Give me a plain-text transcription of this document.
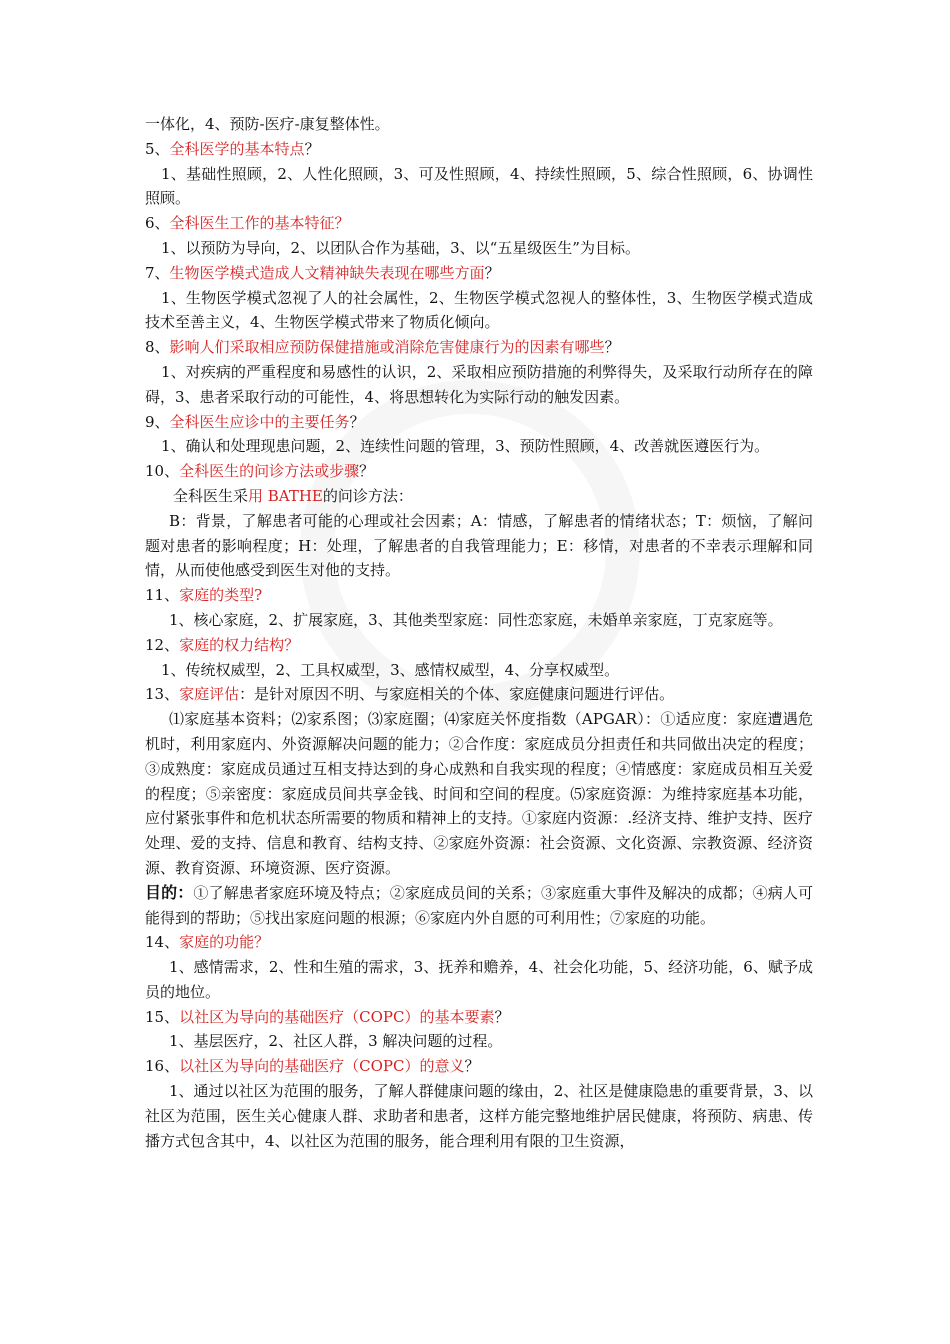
一体化，4、预防-医疗-康复整体性。

5、全科医学的基本特点？

1、基础性照顾，2、人性化照顾，3、可及性照顾，4、持续性照顾，5、综合性照顾，6、协调性照顾。

6、全科医生工作的基本特征？

1、以预防为导向，2、以团队合作为基础，3、以“五星级医生”为目标。

7、生物医学模式造成人文精神缺失表现在哪些方面？

1、生物医学模式忽视了人的社会属性，2、生物医学模式忽视人的整体性，3、生物医学模式造成技术至善主义，4、生物医学模式带来了物质化倾向。

8、影响人们采取相应预防保健措施或消除危害健康行为的因素有哪些？

1、对疾病的严重程度和易感性的认识，2、采取相应预防措施的利弊得失，及采取行动所存在的障碍，3、患者采取行动的可能性，4、将思想转化为实际行动的触发因素。

9、全科医生应诊中的主要任务？

1、确认和处理现患问题，2、连续性问题的管理，3、预防性照顾，4、改善就医遵医行为。

10、全科医生的问诊方法或步骤？

全科医生采用 BATHE的问诊方法：

B：背景，了解患者可能的心理或社会因素；A：情感，了解患者的情绪状态；T：烦恼，了解问题对患者的影响程度；H：处理，了解患者的自我管理能力；E：移情，对患者的不幸表示理解和同情，从而使他感受到医生对他的支持。

11、家庭的类型?

1、核心家庭，2、扩展家庭，3、其他类型家庭：同性恋家庭，未婚单亲家庭，丁克家庭等。

12、家庭的权力结构？

1、传统权威型，2、工具权威型，3、感情权威型，4、分享权威型。

13、家庭评估：是针对原因不明、与家庭相关的个体、家庭健康问题进行评估。

⑴家庭基本资料；⑵家系图；⑶家庭圈；⑷家庭关怀度指数（APGAR）：①适应度：家庭遭遇危机时，利用家庭内、外资源解决问题的能力；②合作度：家庭成员分担责任和共同做出决定的程度；③成熟度：家庭成员通过互相支持达到的身心成熟和自我实现的程度；④情感度：家庭成员相互关爱的程度；⑤亲密度：家庭成员间共享金钱、时间和空间的程度。⑸家庭资源：为维持家庭基本功能，应付紧张事件和危机状态所需要的物质和精神上的支持。①家庭内资源：.经济支持、维护支持、医疗处理、爱的支持、信息和教育、结构支持、②家庭外资源：社会资源、文化资源、宗教资源、经济资源、教育资源、环境资源、医疗资源。

目的：①了解患者家庭环境及特点；②家庭成员间的关系；③家庭重大事件及解决的成都；④病人可能得到的帮助；⑤找出家庭问题的根源；⑥家庭内外自愿的可利用性；⑦家庭的功能。

14、家庭的功能？

1、感情需求，2、性和生殖的需求，3、抚养和赡养，4、社会化功能，5、经济功能，6、赋予成员的地位。

15、以社区为导向的基础医疗（COPC）的基本要素？

1、基层医疗，2、社区人群，3 解决问题的过程。

16、以社区为导向的基础医疗（COPC）的意义？

1、通过以社区为范围的服务，了解人群健康问题的缘由，2、社区是健康隐患的重要背景，3、以社区为范围，医生关心健康人群、求助者和患者，这样方能完整地维护居民健康，将预防、病患、传播方式包含其中，4、以社区为范围的服务，能合理利用有限的卫生资源，
